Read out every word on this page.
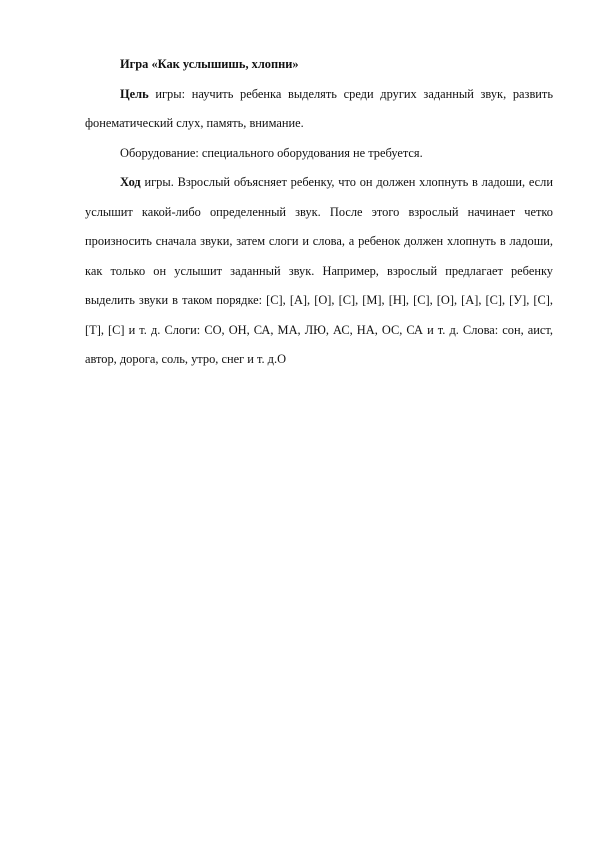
Игра «Как услышишь, хлопни»

Цель игры: научить ребенка выделять среди других заданный звук, развить фонематический слух, память, внимание.

Оборудование: специального оборудования не требуется.

Ход игры. Взрослый объясняет ребенку, что он должен хлопнуть в ладоши, если услышит какой-либо определенный звук. После этого взрослый начинает четко произносить сначала звуки, затем слоги и слова, а ребенок должен хлопнуть в ладоши, как только он услышит заданный звук. Например, взрослый предлагает ребенку выделить звуки в таком порядке: [С], [А], [О], [С], [М], [Н], [С], [О], [А], [С], [У], [С], [Т], [С] и т. д. Слоги: СО, ОН, СА, МА, ЛЮ, АС, НА, ОС, СА и т. д. Слова: сон, аист, автор, дорога, соль, утро, снег и т. д.О
